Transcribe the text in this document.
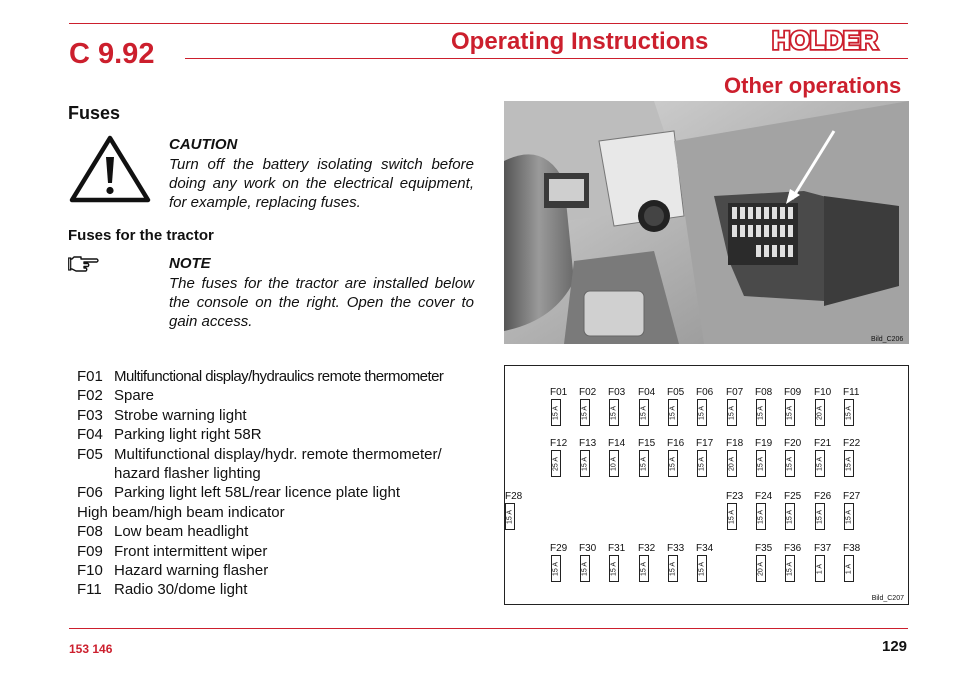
C 9.92	Operating Instructions	HOLDER
Other operations
Fuses
CAUTION
Turn off the battery isolating switch before doing any work on the electrical equipment, for example, replacing fuses.
Fuses for the tractor
NOTE
The fuses for the tractor are installed below the console on the right. Open the cover to gain access.
F01 Multifunctional display/hydraulics remote thermometer
F02 Spare
F03 Strobe warning light
F04 Parking light right 58R
F05 Multifunctional display/hydr. remote thermometer/ hazard flasher lighting
F06 Parking light left 58L/rear licence plate light
High beam/high beam indicator
F08 Low beam headlight
F09 Front intermittent wiper
F10 Hazard warning flasher
F11 Radio 30/dome light
Bild_C206
Bild_C207
F01
15 A
F02
15 A
F03
15 A
F04
15 A
F05
15 A
F06
15 A
F07
15 A
F08
15 A
F09
15 A
F10
20 A
F11
15 A
F12
25 A
F13
15 A
F14
10 A
F15
15 A
F16
15 A
F17
15 A
F18
20 A
F19
15 A
F20
15 A
F21
15 A
F22
15 A
F23
15 A
F24
15 A
F25
15 A
F26
15 A
F27
15 A
F28
15 A
F29
15 A
F30
15 A
F31
15 A
F32
15 A
F33
15 A
F34
15 A
F35
20 A
F36
15 A
F37
1 A
F38
1 A
153 146	129
